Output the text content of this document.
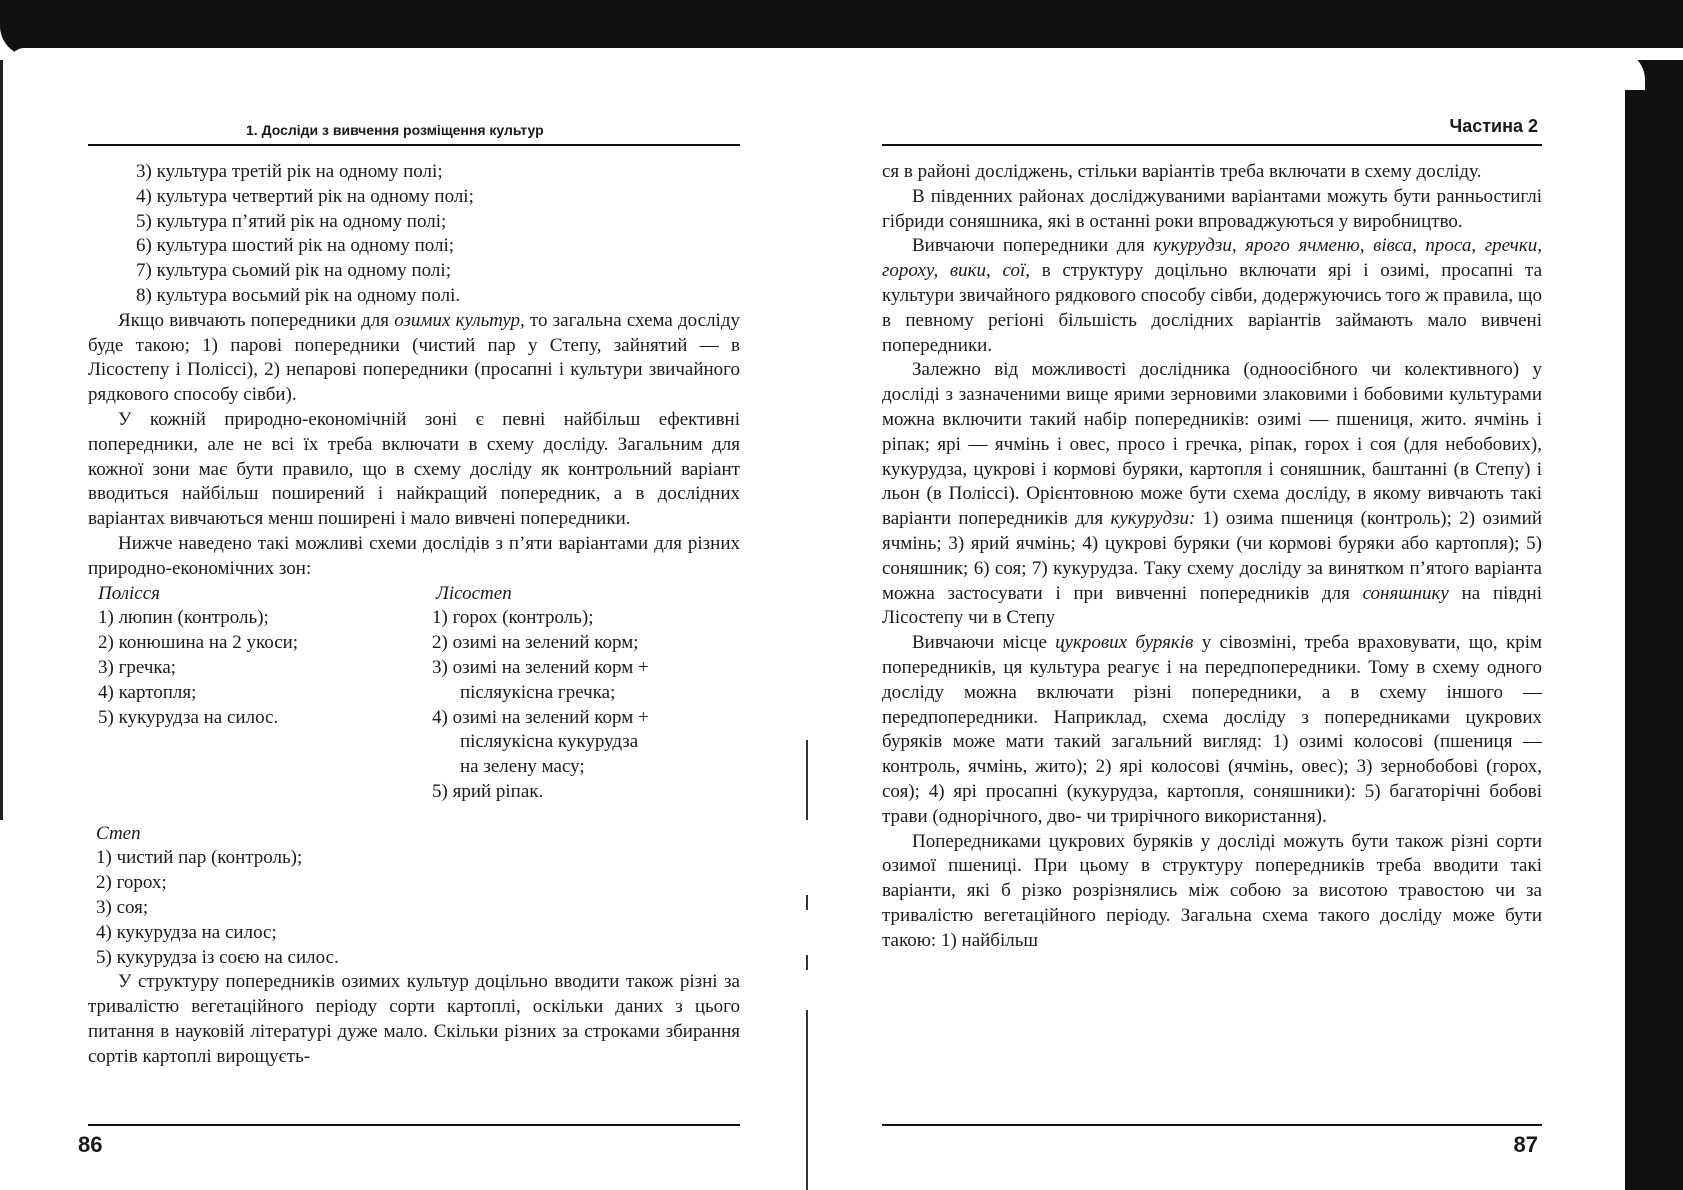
1. Досліди з вивчення розміщення культур
3) культура третій рік на одному полі;
4) культура четвертий рік на одному полі;
5) культура п’ятий рік на одному полі;
6) культура шостий рік на одному полі;
7) культура сьомий рік на одному полі;
8) культура восьмий рік на одному полі.

Якщо вивчають попередники для озимих культур, то загальна схема досліду буде такою; 1) парові попередники (чистий пар у Степу, зайнятий — в Лісостепу і Поліссі), 2) непарові попередники (просапні і культури звичайного рядкового способу сівби).

У кожній природно-економічній зоні є певні найбільш ефективні попередники, але не всі їх треба включати в схему досліду. Загальним для кожної зони має бути правило, що в схему досліду як контрольний варіант вводиться найбільш поширений і найкращий попередник, а в дослідних варіантах вивчаються менш поширені і мало вивчені попередники.

Нижче наведено такі можливі схеми дослідів з п’яти варіантами для різних природно-економічних зон:

Полісся
1) люпин (контроль);
2) конюшина на 2 укоси;
3) гречка;
4) картопля;
5) кукурудза на силос.
Лісостеп
1) горох (контроль);
2) озимі на зелений корм;
3) озимі на зелений корм +
післяукісна гречка;
4) озимі на зелений корм +
післяукісна кукурудза
на зелену масу;
5) ярий ріпак.
Степ
1) чистий пар (контроль);
2) горох;
3) соя;
4) кукурудза на силос;
5) кукурудза із соєю на силос.

У структуру попередників озимих культур доцільно вводити також різні за тривалістю вегетаційного періоду сорти картоплі, оскільки даних з цього питання в науковій літературі дуже мало. Скільки різних за строками збирання сортів картоплі вирощуєть-

86
Частина 2

ся в районі досліджень, стільки варіантів треба включати в схему досліду.

В південних районах досліджуваними варіантами можуть бути ранньостиглі гібриди соняшника, які в останні роки впроваджуються у виробництво.

Вивчаючи попередники для кукурудзи, ярого ячменю, вівса, проса, гречки, гороху, вики, сої, в структуру доцільно включати ярі і озимі, просапні та культури звичайного рядкового способу сівби, додержуючись того ж правила, що в певному регіоні більшість дослідних варіантів займають мало вивчені попередники.

Залежно від можливості дослідника (одноосібного чи колективного) у досліді з зазначеними вище ярими зерновими злаковими і бобовими культурами можна включити такий набір попередників: озимі — пшениця, жито. ячмінь і ріпак; ярі — ячмінь і овес, просо і гречка, ріпак, горох і соя (для небобових), кукурудза, цукрові і кормові буряки, картопля і соняшник, баштанні (в Степу) і льон (в Поліссі). Орієнтовною може бути схема досліду, в якому вивчають такі варіанти попередників для кукурудзи: 1) озима пшениця (контроль); 2) озимий ячмінь; 3) ярий ячмінь; 4) цукрові буряки (чи кормові буряки або картопля); 5) соняшник; 6) соя; 7) кукурудза. Таку схему досліду за винятком п’ятого варіанта можна застосувати і при вивченні попередників для соняшнику на півдні Лісостепу чи в Степу

Вивчаючи місце цукрових буряків у сівозміні, треба враховувати, що, крім попередників, ця культура реагує і на передпопередники. Тому в схему одного досліду можна включати різні попередники, а в схему іншого — передпопередники. Наприклад, схема досліду з попередниками цукрових буряків може мати такий загальний вигляд: 1) озимі колосові (пшениця — контроль, ячмінь, жито); 2) ярі колосові (ячмінь, овес); 3) зернобобові (горох, соя); 4) ярі просапні (кукурудза, картопля, соняшники): 5) багаторічні бобові трави (однорічного, дво- чи трирічного використання).

Попередниками цукрових буряків у досліді можуть бути також різні сорти озимої пшениці. При цьому в структуру попередників треба вводити такі варіанти, які б різко розрізнялись між собою за висотою травостою чи за тривалістю вегетаційного періоду. Загальна схема такого досліду може бути такою: 1) найбільш

87
